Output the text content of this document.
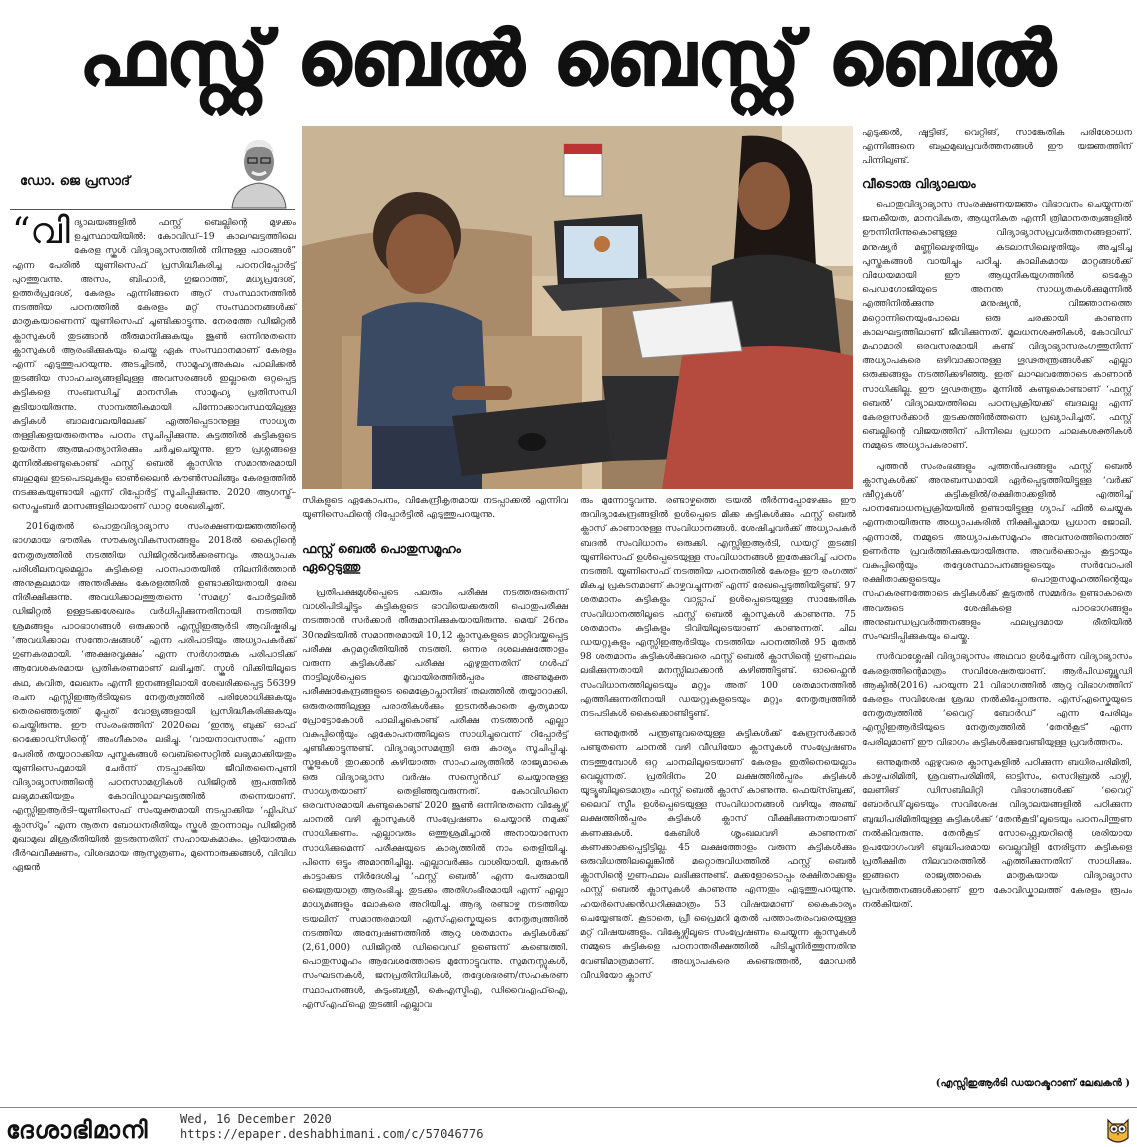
ഫസ്റ്റ് ബെൽ ബെസ്റ്റ് ബെൽ
ഡോ. ജെ പ്രസാദ്

“വിദ്യാലയങ്ങളിൽ ഫസ്റ്റ് ബെല്ലിന്റെ മുഴക്കം ഉച്ചസ്ഥായിയിൽ: കോവിഡ്–19 കാലഘട്ടത്തിലെ കേരള സ്കൂൾ വിദ്യാഭ്യാസത്തിൽ നിന്നുള്ള പാഠങ്ങൾ” എന്ന പേരിൽ യൂണിസെഫ് പ്രസിദ്ധീകരിച്ച പഠനറിപ്പോർട്ട് പുറത്തുവന്നു. അസം, ബിഹാർ, ഗുജറാത്ത്, മധ്യപ്രദേശ്, ഉത്തർപ്രദേശ്, കേരളം എന്നിങ്ങനെ ആറ് സംസ്ഥാനത്തിൽ നടത്തിയ പഠനത്തിൽ കേരളം മറ്റ് സംസ്ഥാനങ്ങൾക്ക് മാതൃകയാണെന്ന് യൂണിസെഫ് ചൂണ്ടിക്കാട്ടുന്നു. നേരത്തേ ഡിജിറ്റൽ ക്ലാസുകൾ തുടങ്ങാൻ തീരുമാനിക്കുകയും ജൂൺ ഒന്നിനുതന്നെ ക്ലാസുകൾ ആരംഭിക്കുകയും ചെയ്ത ഏക സംസ്ഥാനമാണ് കേരളം എന്ന് എടുത്തുപറയുന്നു. അടച്ചിടൽ, സാമൂഹ്യഅകലം പാലിക്കൽ തുടങ്ങിയ സാഹചര്യങ്ങളിലുള്ള അവസരങ്ങൾ ഇല്ലാതെ ഒറ്റപ്പെട്ട കുട്ടികളെ സംബന്ധിച്ച് മാനസിക സാമൂഹ്യ പ്രതിസന്ധി കൂടിയായിരുന്നു. സാമ്പത്തികമായി പിന്നോക്കാവസ്ഥയിലുള്ള കുട്ടികൾ ബാലവേലയിലേക്ക് എത്തിപ്പെടാനുള്ള സാധ്യത തള്ളിക്കളയരുതെന്നും പഠനം സൂചിപ്പിക്കുന്നു. കുട്ടത്തിൽ കുട്ടികളുടെ ഉയർന്ന ആത്മഹത്യാനിരക്കും ചർച്ചചെയ്യുന്നു. ഈ പ്രശ്നങ്ങളെ മുന്നിൽക്കണ്ടുകൊണ്ട് ഫസ്റ്റ് ബെൽ ക്ലാസിനു സമാന്തരമായി ബഹുമുഖ ഇടപെടലുകളും ഓൺലൈൻ കൗൺസലിങ്ങും കേരളത്തിൽ നടക്കുകയുണ്ടായി എന്ന് റിപ്പോർട്ട് സൂചിപ്പിക്കുന്നു. 2020 ആഗസ്ത്–സെപ്തംബർ മാസങ്ങളിലായാണ് ഡാറ്റ ശേഖരിച്ചത്.

2016മുതൽ പൊതുവിദ്യാഭ്യാസ സംരക്ഷണയജ്ഞത്തിന്റെ ഭാഗമായ ഭൗതിക സൗകര്യവികസനങ്ങളും 2018ൽ കൈറ്റിന്റെ നേതൃത്വത്തിൽ നടത്തിയ ഡിജിറ്റൽവൽക്കരണവും അധ്യാപക പരിശീലനവുമെല്ലാം കുട്ടികളെ പഠനപാതയിൽ നിലനിർത്താൻ അനുകൂലമായ അന്തരീക്ഷം കേരളത്തിൽ ഉണ്ടാക്കിയതായി രേഖ നിരീക്ഷിക്കുന്നു. അവധിക്കാലത്തുതന്നെ ‘സമഗ്ര’ പോർട്ടലിൽ ഡിജിറ്റൽ ഉള്ളടക്കശേഖരം വർധിപ്പിക്കുന്നതിനായി നടത്തിയ ശ്രമങ്ങളും പാഠഭാഗങ്ങൾ ഒരുക്കാൻ എസ്സിഇആർടി ആവിഷ്കരിച്ച ‘അവധിക്കാല സന്തോഷങ്ങൾ’ എന്ന പരിപാടിയും അധ്യാപകർക്ക് ഗുണകരമായി. ‘അക്ഷരവൃക്ഷം’ എന്ന സർഗാത്മക പരിപാടിക്ക് ആവേശകരമായ പ്രതികരണമാണ് ലഭിച്ചത്. സ്കൂൾ വിക്കിയിലൂടെ കഥ, കവിത, ലേഖനം എന്നീ ഇനങ്ങളിലായി ശേഖരിക്കപ്പെട്ട 56399 രചന എസ്സിഇആർടിയുടെ നേതൃത്വത്തിൽ പരിശോധിക്കുകയും തെരഞ്ഞെടുത്ത് മൂപ്പത് വോള്യങ്ങളായി പ്രസിദ്ധീകരിക്കുകയും ചെയ്തിരുന്നു. ഈ സംരംഭത്തിന് 2020ലെ ‘ഇന്ത്യ ബുക്ക് ഓഫ് റെക്കോഡ്സിന്റെ’ അംഗീകാരം ലഭിച്ചു. ‘വായനാവസന്തം’ എന്ന പേരിൽ തയ്യാറാക്കിയ പുസ്തകങ്ങൾ വെബ്സൈറ്റിൽ ലഭ്യമാക്കിയതും യൂണിസെഫുമായി ചേർന്ന് നടപ്പാക്കിയ ജീവിതനൈപുണി വിദ്യാഭ്യാസത്തിന്റെ പഠനസാമഗ്രികൾ ഡിജിറ്റൽ രൂപത്തിൽ ലഭ്യമാക്കിയതും കോവിഡ്കാലഘട്ടത്തിൽ തന്നെയാണ്. എസ്സിഇആർടി–യൂണിസെഫ് സംയുക്തമായി നടപ്പാക്കിയ ‘ഫ്ലിപ്ഡ് ക്ലാസ്റൂം’ എന്ന നൂതന ബോധനരീതിയും സ്കൂൾ തുറന്നാലും ഡിജിറ്റൽ മുഖാമുഖ മിശ്രരീതിയിൽ തുടരുന്നതിന് സഹായകമാകും. ക്രിയാത്മക ദീർഘവീക്ഷണം, വിശദമായ ആസൂത്രണം, മുന്നൊരുക്കങ്ങൾ, വിവിധ ഏജൻ

സികളുടെ ഏകോപനം, വികേന്ദ്രീകൃതമായ നടപ്പാക്കൽ എന്നിവ യൂണിസെഫിന്റെ റിപ്പോർട്ടിൽ എടുത്തുപറയുന്നു.

ഫസ്റ്റ് ബെൽ പൊതുസമൂഹം ഏറ്റെടുത്തു

പ്രതിപക്ഷമുൾപ്പെടെ പലരും പരീക്ഷ നടത്തരുതെന്ന് വാശിപിടിച്ചിട്ടും കുട്ടികളുടെ ഭാവിയെക്കരുതി പൊതുപരീക്ഷ നടത്താൻ സർക്കാർ തീരുമാനിക്കുകയായിരുന്നു. മെയ് 26നും 30നുമിടയിൽ സമാന്തരമായി 10,12 ക്ലാസുകളുടെ മാറ്റിവയ്ക്കപ്പെട്ട പരീക്ഷ കുറ്റമറ്റരീതിയിൽ നടത്തി. ഒന്നര ദശലക്ഷത്തോളം വരുന്ന കുട്ടികൾക്ക് പരീക്ഷ എഴുതുന്നതിന് ഗൾഫ് നാട്ടിലുൾപ്പെടെ മൂവായിരത്തിൽപ്പരം അണുമുക്ത പരീക്ഷാകേന്ദ്രങ്ങളുടെ മൈക്രോപ്ലാനിങ് തലത്തിൽ തയ്യാറാക്കി. ഒരുതരത്തിലുള്ള പരാതികൾക്കും ഇടനൽകാതെ കൃത്യമായ പ്രോട്ടോകോൾ പാലിച്ചുകൊണ്ട് പരീക്ഷ നടത്താൻ എല്ലാ വകുപ്പിന്റെയും ഏകോപനത്തിലൂടെ സാധിച്ചുവെന്ന് റിപ്പോർട്ട് ചൂണ്ടിക്കാട്ടുന്നുണ്ട്. വിദ്യാഭ്യാസമന്ത്രി ഒരു കാര്യം സൂചിപ്പിച്ചു. സ്കൂളുകൾ തുറക്കാൻ കഴിയാത്ത സാഹചര്യത്തിൽ രാജ്യമാകെ ഒരു വിദ്യാഭ്യാസ വർഷം സസ്പെൻഡ് ചെയ്യാനുള്ള സാധ്യതയാണ് തെളിഞ്ഞുവരുന്നത്. കോവിഡിനെ ഒരവസരമായി കണ്ടുകൊണ്ട് 2020 ജൂൺ ഒന്നിനുതന്നെ വിക്ടേഴ്സ് ചാനൽ വഴി ക്ലാസുകൾ സംപ്രേഷണം ചെയ്യാൻ നമുക്ക് സാധിക്കണം. എല്ലാവരും ഒത്തുശ്രമിച്ചാൽ അനായാസേന സാധിക്കുമെന്ന് പരീക്ഷയുടെ കാര്യത്തിൽ നാം തെളിയിച്ചു. പിന്നെ ഒട്ടും അമാന്തിച്ചില്ല. എല്ലാവർക്കും വാശിയായി. മുരുകൻ കാട്ടാക്കട നിർദേശിച്ച ‘ഫസ്റ്റ് ബെൽ’ എന്ന പേരുമായി ജൈത്രയാത്ര ആരംഭിച്ചു. തുടക്കം അതിഗംഭീരമായി എന്ന് എല്ലാ മാധ്യമങ്ങളും ലോകരെ അറിയിച്ചു. ആദ്യ രണ്ടാഴ്ച നടത്തിയ ട്രയലിന് സമാന്തരമായി എസ്എസ്കെയുടെ നേതൃത്വത്തിൽ നടത്തിയ അന്വേഷണത്തിൽ ആറു ശതമാനം കുട്ടികൾക്ക് (2,61,000) ഡിജിറ്റൽ ഡിവൈഡ് ഉണ്ടെന്ന് കണ്ടെത്തി. പൊതുസമൂഹം ആവേശത്തോടെ മുന്നോട്ടുവന്നു. സുമനസ്സുകൾ, സംഘടനകൾ, ജനപ്രതിനിധികൾ, തദ്ദേശഭരണ/സഹകരണ സ്ഥാപനങ്ങൾ, കുടുംബശ്രീ, കെഎസ്ടിഎ, ഡിവൈഎഫ്ഐ, എസ്എഫ്ഐ തുടങ്ങി എല്ലാവ

രും മുന്നോട്ടുവന്നു. രണ്ടാഴ്ചത്തെ ട്രയൽ തീർന്നപ്പോഴേക്കും ഈ രുവിദ്യാകേന്ദ്രങ്ങളിൽ ഉൾപ്പെടെ മിക്ക കുട്ടികൾക്കും ഫസ്റ്റ് ബെൽ ക്ലാസ് കാണാനുള്ള സംവിധാനങ്ങൾ. ശേഷിച്ചവർക്ക് അധ്യാപകർ ബദൽ സംവിധാനം ഒരുക്കി. എസ്സിഇആർടി, ഡയറ്റ് തുടങ്ങി യൂണിസെഫ് ഉൾപ്പെടെയുള്ള സംവിധാനങ്ങൾ ഇതേക്കുറിച്ച് പഠനം നടത്തി. യൂണിസെഫ് നടത്തിയ പഠനത്തിൽ കേരളം ഈ രംഗത്ത് മികച്ച പ്രകടനമാണ് കാഴ്ചവച്ചുന്നത് എന്ന് രേഖപ്പെടുത്തിയിട്ടുണ്ട്. 97 ശതമാനം കുട്ടികളും വാട്സാപ് ഉൾപ്പെടെയുള്ള സാങ്കേതിക സംവിധാനത്തിലൂടെ ഫസ്റ്റ് ബെൽ ക്ലാസുകൾ കാണുന്നു. 75 ശതമാനം കുട്ടികളും ടിവിയിലൂടെയാണ് കാണുന്നത്. ചില ഡയറ്റുകളും എസ്സിഇആർടിയും നടത്തിയ പഠനത്തിൽ 95 മുതൽ 98 ശതമാനം കുട്ടികൾക്കുവരെ ഫസ്റ്റ് ബെൽ ക്ലാസിന്റെ ഗുണഫലം ലഭിക്കുന്നതായി മനസ്സിലാക്കാൻ കഴിഞ്ഞിട്ടുണ്ട്. ഓഫ്ലൈൻ സംവിധാനത്തിലൂടെയും മറ്റും അത് 100 ശതമാനത്തിൽ എത്തിക്കുന്നതിനായി ഡയറ്റുകളുടെയും മറ്റും നേതൃത്വത്തിൽ നടപടികൾ കൈക്കൊണ്ടിട്ടുണ്ട്.

ഒന്നുമുതൽ പന്ത്രണ്ടുവരെയുള്ള കുട്ടികൾക്ക് കേന്ദ്രസർക്കാർ പണ്ടുതന്നെ ചാനൽ വഴി വീഡിയോ ക്ലാസുകൾ സംപ്രേഷണം നടത്തുമ്പോൾ ഒറ്റ ചാനലിലൂടെയാണ് കേരളം ഇതിനെയെല്ലാം വെല്ലുന്നത്. പ്രതിദിനം 20 ലക്ഷത്തിൽപ്പരം കുട്ടികൾ യൂട്യൂബിലൂടെമാത്രം ഫസ്റ്റ് ബെൽ ക്ലാസ് കാണുന്നു. ഫെയ്സ്ബുക്ക്, ലൈവ് സ്ട്രീം ഉൾപ്പെടെയുള്ള സംവിധാനങ്ങൾ വഴിയും അഞ്ച് ലക്ഷത്തിൽപ്പരം കുട്ടികൾ ക്ലാസ് വീക്ഷിക്കുന്നതായാണ് കണക്കുകൾ. കേബിൾ ശൃംഖലവഴി കാണുന്നത് കണക്കാക്കപ്പെട്ടിട്ടില്ല. 45 ലക്ഷത്തോളം വരുന്ന കുട്ടികൾക്കും ഒരുവിധത്തിലല്ലെങ്കിൽ മറ്റൊരുവിധത്തിൽ ഫസ്റ്റ് ബെൽ ക്ലാസിന്റെ ഗുണഫലം ലഭിക്കുന്നുണ്ട്. മക്കളോടൊപ്പം രക്ഷിതാക്കളും ഫസ്റ്റ് ബെൽ ക്ലാസുകൾ കാണുന്നു എന്നതും എടുത്തുപറയുന്നു. ഹയർസെക്കൻഡറിക്കുമാത്രം 53 വിഷയമാണ് കൈകാര്യം ചെയ്യേണ്ടത്. കൂടാതെ, പ്രീ പ്രൈമറി മുതൽ പത്താംതരംവരെയുള്ള മറ്റ് വിഷയങ്ങളും. വിക്ടേഴ്സിലൂടെ സംപ്രേഷണം ചെയ്യുന്ന ക്ലാസുകൾ നമ്മുടെ കുട്ടികളെ പഠനാന്തരീക്ഷത്തിൽ പിടിച്ചുനിർത്തുന്നതിനു വേണ്ടിമാത്രമാണ്. അധ്യാപകരെ കണ്ടെത്തൽ, മോഡൽ വീഡിയോ ക്ലാസ്

എടുക്കൽ, ഷൂട്ടിങ്, വെറ്റിങ്, സാങ്കേതിക പരിശോധന എന്നിങ്ങനെ ബഹുമുഖപ്രവർത്തനങ്ങൾ ഈ യജ്ഞത്തിന് പിന്നിലുണ്ട്.

വീടൊരു വിദ്യാലയം

പൊതുവിദ്യാഭ്യാസ സംരക്ഷണയജ്ഞം വിഭാവനം ചെയ്യുന്നത് ജനകീയത, മാനവികത, ആധുനികത എന്നീ ത്രിമാനതത്വങ്ങളിൽ ഊന്നിനിന്നുകൊണ്ടുള്ള വിദ്യാഭ്യാസപ്രവർത്തനങ്ങളാണ്. മനുഷ്യർ മണ്ണിലെഴുതിയും കടലാസിലെഴുതിയും അച്ചടിച്ച പുസ്തകങ്ങൾ വായിച്ചും പഠിച്ചു. കാലികമായ മാറ്റങ്ങൾക്ക് വിധേയമായി ഈ ആധുനികയുഗത്തിൽ ടെക്നോ പെഡഗോജിയുടെ അനന്ത സാധ്യതകൾക്കുമുന്നിൽ എത്തിനിൽക്കുന്നു മനുഷ്യൻ, വിജ്ഞാനത്തെ മറ്റൊന്നിനെയുംപോലെ ഒരു ചരക്കായി കാണുന്ന കാലഘട്ടത്തിലാണ് ജീവിക്കുന്നത്. മൂലധനശക്തികൾ, കോവിഡ് മഹാമാരി ഒരവസരമായി കണ്ട് വിദ്യാഭ്യാസരംഗത്തുനിന്ന് അധ്യാപകരെ ഒഴിവാക്കാനുള്ള ഗൂഢതന്ത്രങ്ങൾക്ക് എല്ലാ ഒരുക്കങ്ങളും നടത്തിക്കഴിഞ്ഞു. ഇത് ലാഘവത്തോടെ കാണാൻ സാധിക്കില്ല. ഈ ഗൂഢതന്ത്രം മുന്നിൽ കണ്ടുകൊണ്ടാണ് ‘ഫസ്റ്റ് ബെൽ’ വിദ്യാലയത്തിലെ പഠനപ്രക്രിയക്ക് ബദലല്ല എന്ന് കേരളസർക്കാർ തുടക്കത്തിൽത്തന്നെ പ്രഖ്യാപിച്ചത്. ഫസ്റ്റ് ബെല്ലിന്റെ വിജയത്തിന് പിന്നിലെ പ്രധാന ചാലകശക്തികൾ നമ്മുടെ അധ്യാപകരാണ്.

പുത്തൻ സംരംഭങ്ങളും പുത്തൻപദങ്ങളും ഫസ്റ്റ് ബെൽ ക്ലാസുകൾക്ക് അനുബന്ധമായി ഏർപ്പെടുത്തിയിട്ടുള്ള ‘വർക്ക് ഷീറ്റുകൾ’ കുട്ടികളിൽ/രക്ഷിതാക്കളിൽ എത്തിച്ച് പഠനബോധനപ്രക്രിയയിൽ ഉണ്ടായിട്ടുള്ള ഗ്യാപ് ഫിൽ ചെയ്യുക എന്നതായിരുന്നു അധ്യാപകരിൽ നിക്ഷിപ്തമായ പ്രധാന ജോലി. എന്നാൽ, നമ്മുടെ അധ്യാപകസമൂഹം അവസരത്തിനൊത്ത് ഉണർന്നു പ്രവർത്തിക്കുകയായിരുന്നു. അവർക്കൊപ്പം കൂട്ടായും വകുപ്പിന്റെയും തദ്ദേശസ്ഥാപനങ്ങളുടെയും സർവോപരി രക്ഷിതാക്കളുടെയും പൊതുസമൂഹത്തിന്റെയും സഹകരണത്തോടെ കുട്ടികൾക്ക് കൂടുതൽ സമ്മർദം ഉണ്ടാകാതെ അവരുടെ ശേഷികളെ പാഠഭാഗങ്ങളും അനുബന്ധപ്രവർത്തനങ്ങളും ഫലപ്രദമായ രീതിയിൽ സംഘടിപ്പിക്കുകയും ചെയ്തു.

സർവാശ്ലേഷി വിദ്യാഭ്യാസം അഥവാ ഉൾച്ചേർന്ന വിദ്യാഭ്യാസം കേരളത്തിന്റെമാത്രം സവിശേഷതയാണ്. ആർപിഡബ്ല്യൂഡി ആക്ടിൽ(2016) പറയുന്ന 21 വിഭാഗത്തിൽ ആറു വിഭാഗത്തിന് കേരളം സവിശേഷ ശ്രദ്ധ നൽകിപ്പോരുന്നു. എസ്എസ്കെയുടെ നേതൃത്വത്തിൽ ‘വൈറ്റ് ബോർഡ്’ എന്ന പേരിലും എസ്സിഇആർടിയുടെ നേതൃത്വത്തിൽ ‘തേൻകൂട്’ എന്ന പേരിലുമാണ് ഈ വിഭാഗം കുട്ടികൾക്കുവേണ്ടിയുള്ള പ്രവർത്തനം.

ഒന്നുമുതൽ ഏഴുവരെ ക്ലാസുകളിൽ പഠിക്കുന്ന ബധിരപരിമിതി, കാഴ്ചപരിമിതി, ശ്രവണപരിമിതി, ഓട്ടിസം, സെറിബ്രൽ പാഴ്സി, ലേണിങ് ഡിസബിലിറ്റി വിഭാഗങ്ങൾക്ക് ‘വൈറ്റ് ബോർഡി’ലൂടെയും സവിശേഷ വിദ്യാലയങ്ങളിൽ പഠിക്കുന്ന ബുദ്ധിപരിമിതിയുള്ള കുട്ടികൾക്ക് ‘തേൻകൂടി’ലൂടെയും പഠനപിന്തുണ നൽകിവരുന്നു. തേൻകൂട് സോഫ്റ്റ്വെയറിന്റെ ശരിയായ ഉപയോഗംവഴി ബുദ്ധിപരമായ വെല്ലുവിളി നേരിടുന്ന കുട്ടികളെ പ്രതീക്ഷിത നിലവാരത്തിൽ എത്തിക്കുന്നതിന് സാധിക്കും. ഇങ്ങനെ രാജ്യത്താകെ മാതൃകയായ വിദ്യാഭ്യാസ പ്രവർത്തനങ്ങൾക്കാണ് ഈ കോവിഡ്കാലത്ത് കേരളം രൂപം നൽകിയത്.

(എസ്സിഇആർടി ഡയറക്ടറാണ് ലേഖകൻ )
ദേശാഭിമാനി	Wed, 16 December 2020
https://epaper.deshabhimani.com/c/57046776
